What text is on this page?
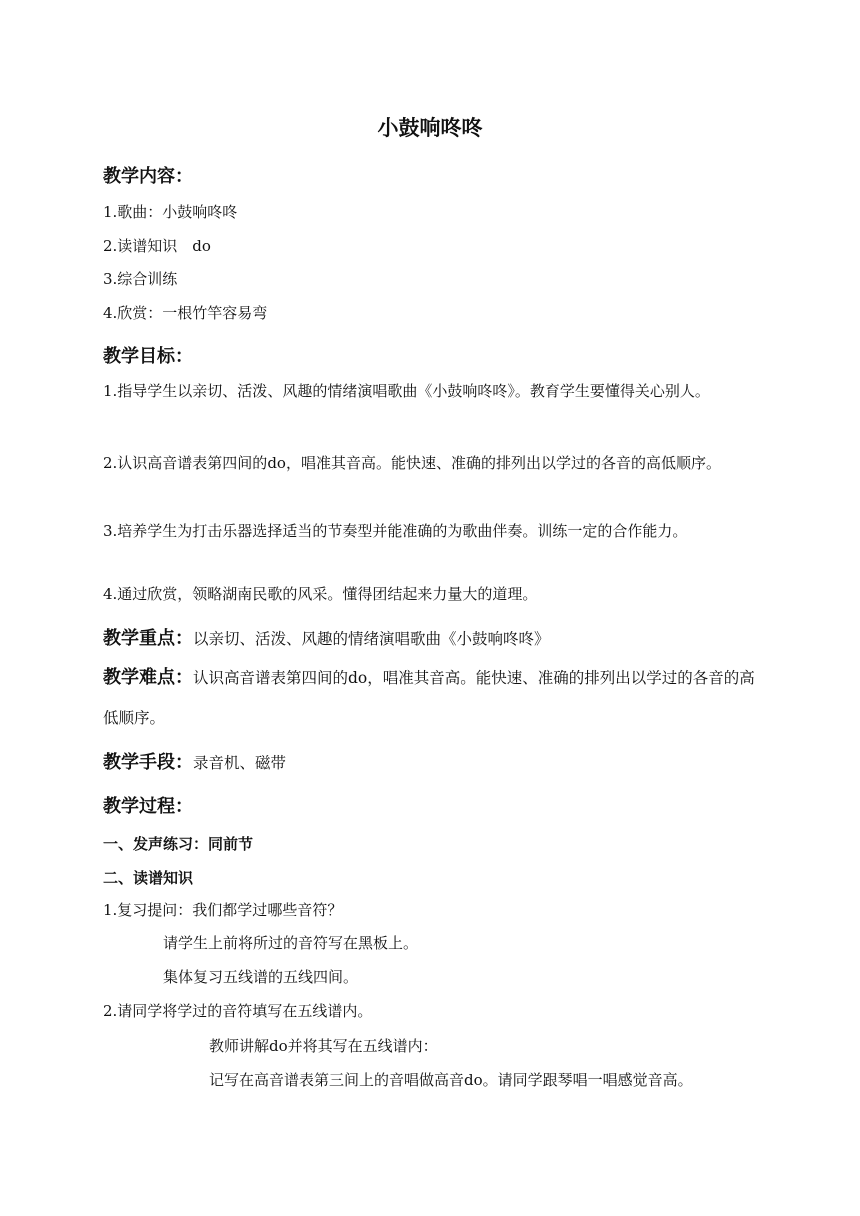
小鼓响咚咚
教学内容：
1.歌曲：小鼓响咚咚
2.读谱知识　do
3.综合训练
4.欣赏：一根竹竿容易弯
教学目标：
1.指导学生以亲切、活泼、风趣的情绪演唱歌曲《小鼓响咚咚》。教育学生要懂得关心别人。
2.认识高音谱表第四间的do，唱准其音高。能快速、准确的排列出以学过的各音的高低顺序。
3.培养学生为打击乐器选择适当的节奏型并能准确的为歌曲伴奏。训练一定的合作能力。
4.通过欣赏，领略湖南民歌的风采。懂得团结起来力量大的道理。
教学重点：以亲切、活泼、风趣的情绪演唱歌曲《小鼓响咚咚》
教学难点：认识高音谱表第四间的do，唱准其音高。能快速、准确的排列出以学过的各音的高低顺序。
教学手段：录音机、磁带
教学过程：
一、发声练习：同前节
二、读谱知识
1.复习提问：我们都学过哪些音符？
请学生上前将所过的音符写在黑板上。
集体复习五线谱的五线四间。
2.请同学将学过的音符填写在五线谱内。
教师讲解do并将其写在五线谱内：
记写在高音谱表第三间上的音唱做高音do。请同学跟琴唱一唱感觉音高。
